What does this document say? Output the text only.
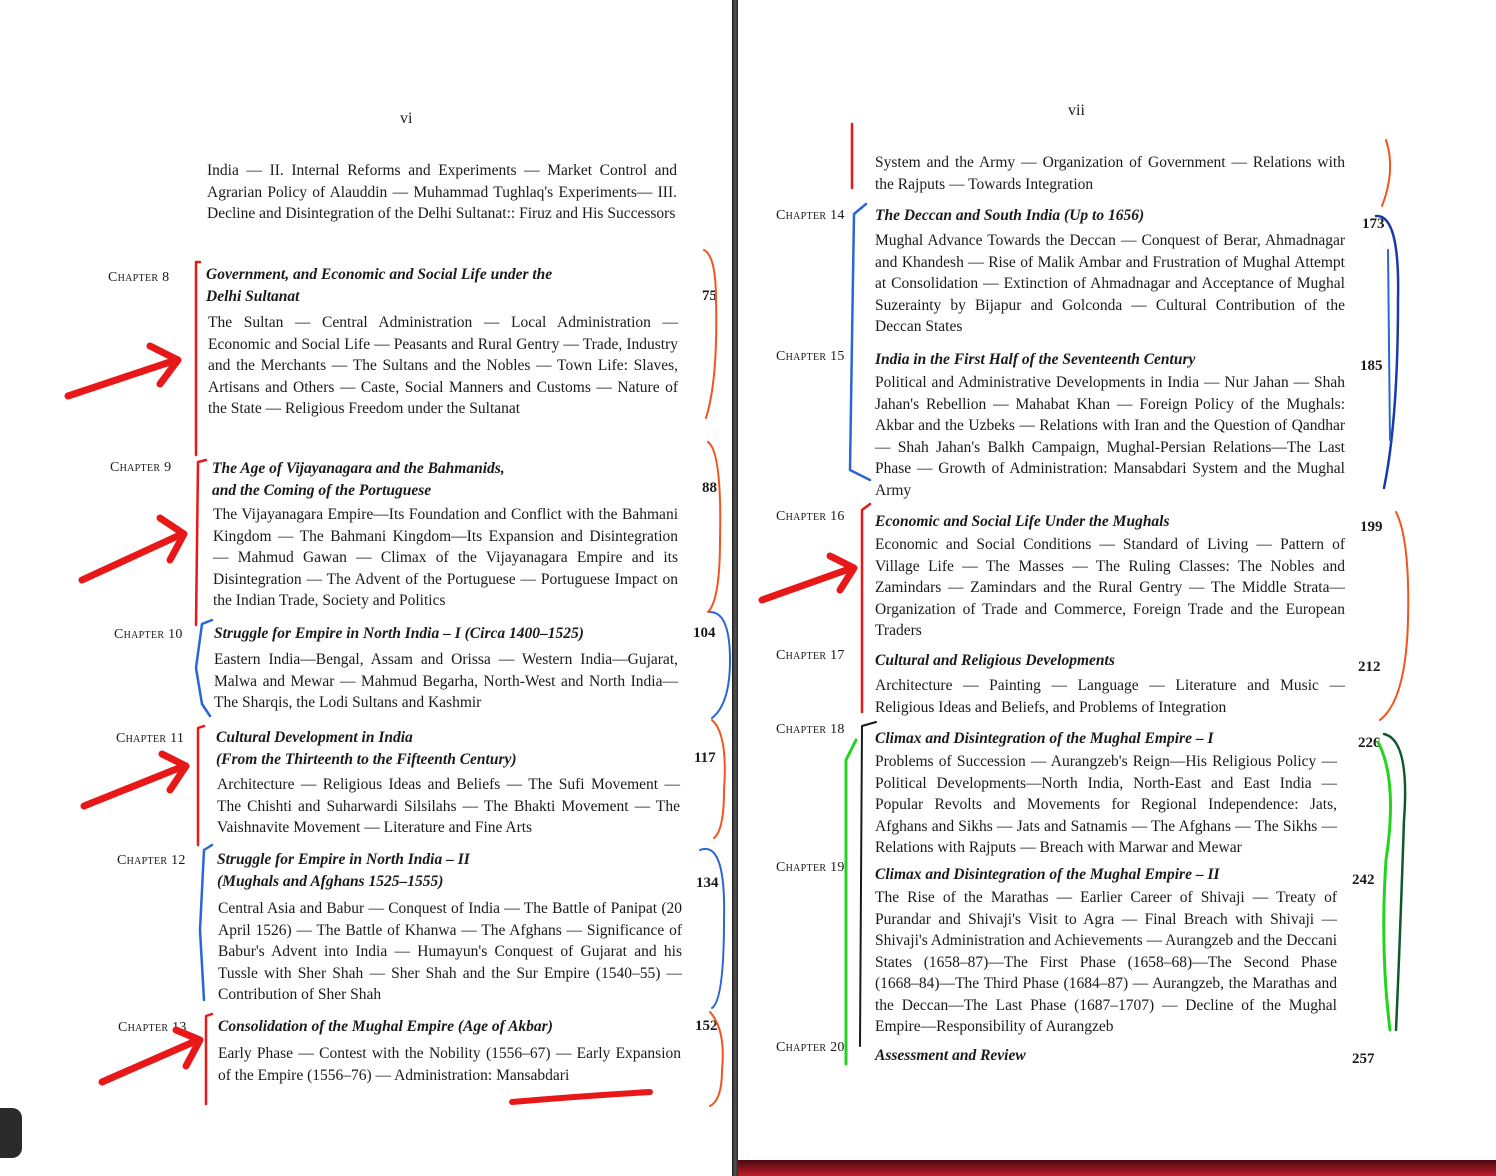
vi
India — II. Internal Reforms and Experiments — Market Control and Agrarian Policy of Alauddin — Muhammad Tughlaq's Experiments— III. Decline and Disintegration of the Delhi Sultanat:: Firuz and His Successors
Chapter 8 Government, and Economic and Social Life under the
Delhi Sultanat	75
The Sultan — Central Administration — Local Administration — Economic and Social Life — Peasants and Rural Gentry — Trade, Industry and the Merchants — The Sultans and the Nobles — Town Life: Slaves, Artisans and Others — Caste, Social Manners and Customs — Nature of the State — Religious Freedom under the Sultanat
Chapter 9	The Age of Vijayanagara and the Bahmanids,
and the Coming of the Portuguese	88
The Vijayanagara Empire—Its Foundation and Conflict with the Bahmani Kingdom — The Bahmani Kingdom—Its Expansion and Disintegration — Mahmud Gawan — Climax of the Vijayanagara Empire and its Disintegration — The Advent of the Portuguese — Portuguese Impact on the Indian Trade, Society and Politics
Chapter 10 Struggle for Empire in North India – I (Circa 1400–1525)	104
Eastern India—Bengal, Assam and Orissa — Western India—Gujarat, Malwa and Mewar — Mahmud Begarha, North-West and North India— The Sharqis, the Lodi Sultans and Kashmir
Chapter 11 Cultural Development in India
(From the Thirteenth to the Fifteenth Century)	117
Architecture — Religious Ideas and Beliefs — The Sufi Movement — The Chishti and Suharwardi Silsilahs — The Bhakti Movement — The Vaishnavite Movement — Literature and Fine Arts
Chapter 12 Struggle for Empire in North India – II
(Mughals and Afghans 1525–1555)	134
Central Asia and Babur — Conquest of India — The Battle of Panipat (20 April 1526) — The Battle of Khanwa — The Afghans — Significance of Babur's Advent into India — Humayun's Conquest of Gujarat and his Tussle with Sher Shah — Sher Shah and the Sur Empire (1540–55) — Contribution of Sher Shah
Chapter 13 Consolidation of the Mughal Empire (Age of Akbar)	152
Early Phase — Contest with the Nobility (1556–67) — Early Expansion of the Empire (1556–76) — Administration: Mansabdari
vii
System and the Army — Organization of Government — Relations with the Rajputs — Towards Integration
Chapter 14 The Deccan and South India (Up to 1656)	173
Mughal Advance Towards the Deccan — Conquest of Berar, Ahmadnagar and Khandesh — Rise of Malik Ambar and Frustration of Mughal Attempt at Consolidation — Extinction of Ahmadnagar and Acceptance of Mughal Suzerainty by Bijapur and Golconda — Cultural Contribution of the Deccan States
Chapter 15 India in the First Half of the Seventeenth Century	185
Political and Administrative Developments in India — Nur Jahan — Shah Jahan's Rebellion — Mahabat Khan — Foreign Policy of the Mughals: Akbar and the Uzbeks — Relations with Iran and the Question of Qandhar — Shah Jahan's Balkh Campaign, Mughal-Persian Relations—The Last Phase — Growth of Administration: Mansabdari System and the Mughal Army
Chapter 16 Economic and Social Life Under the Mughals	199
Economic and Social Conditions — Standard of Living — Pattern of Village Life — The Masses — The Ruling Classes: The Nobles and Zamindars — Zamindars and the Rural Gentry — The Middle Strata— Organization of Trade and Commerce, Foreign Trade and the European Traders
Chapter 17 Cultural and Religious Developments	212
Architecture — Painting — Language — Literature and Music — Religious Ideas and Beliefs, and Problems of Integration
Chapter 18
Climax and Disintegration of the Mughal Empire – I	226
Problems of Succession — Aurangzeb's Reign—His Religious Policy — Political Developments—North India, North-East and East India — Popular Revolts and Movements for Regional Independence: Jats, Afghans and Sikhs — Jats and Satnamis — The Afghans — The Sikhs — Relations with Rajputs — Breach with Marwar and Mewar
Chapter 19 Climax and Disintegration of the Mughal Empire – II	242
The Rise of the Marathas — Earlier Career of Shivaji — Treaty of Purandar and Shivaji's Visit to Agra — Final Breach with Shivaji — Shivaji's Administration and Achievements — Aurangzeb and the Deccani States (1658–87)—The First Phase (1658–68)—The Second Phase (1668–84)—The Third Phase (1684–87) — Aurangzeb, the Marathas and the Deccan—The Last Phase (1687–1707) — Decline of the Mughal Empire—Responsibility of Aurangzeb
Chapter 20 Assessment and Review	257
